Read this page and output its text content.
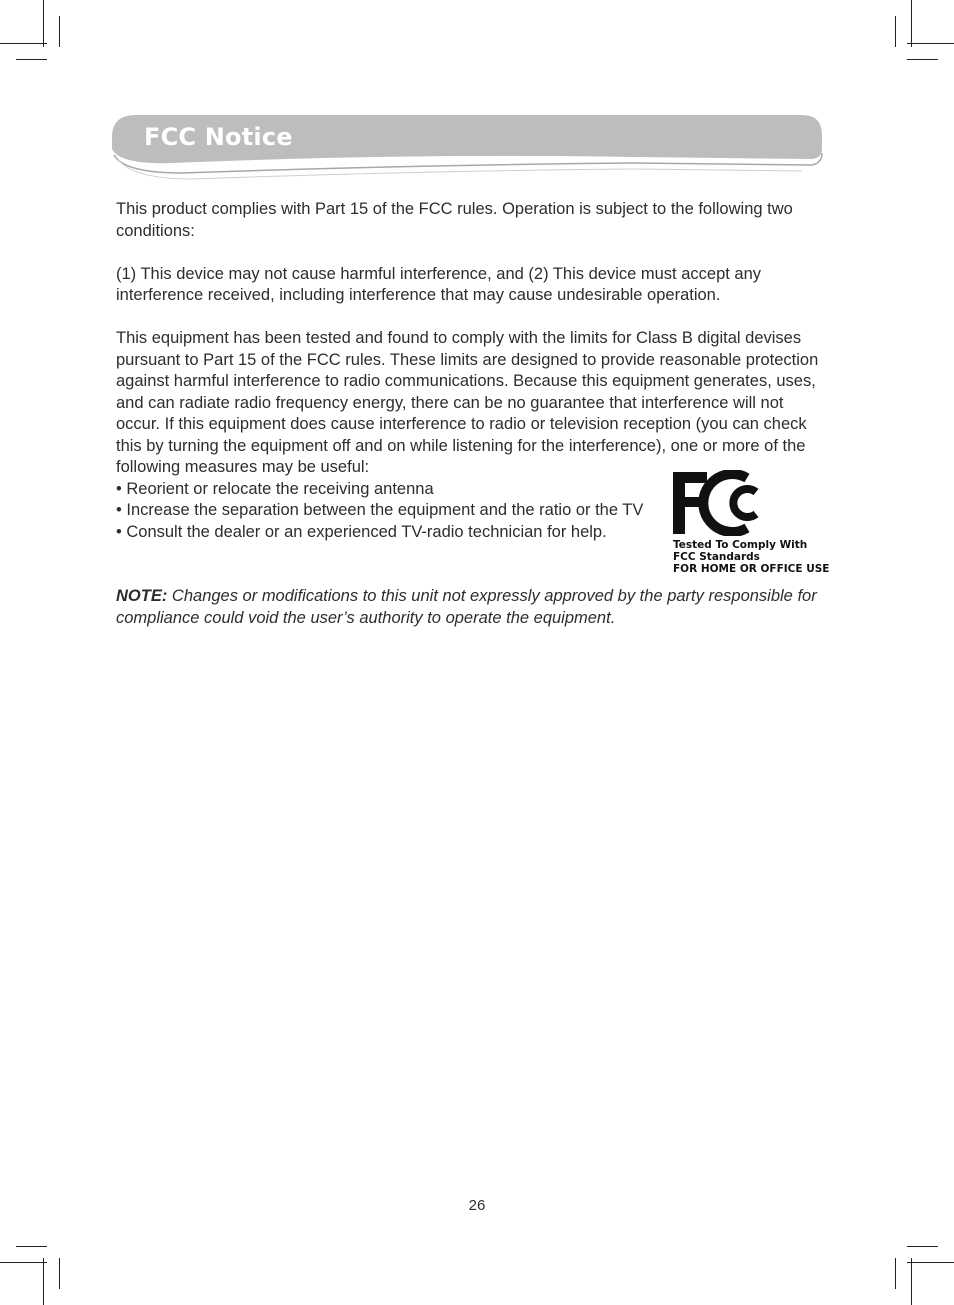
FCC Notice

This product complies with Part 15 of the FCC rules. Operation is subject to the following two conditions:

(1) This device may not cause harmful interference, and (2) This device must accept any interference received, including interference that may cause undesirable operation.

This equipment has been tested and found to comply with the limits for Class B digital devises pursuant to Part 15 of the FCC rules. These limits are designed to provide reasonable protection against harmful interference to radio communications. Because this equipment generates, uses, and can radiate radio frequency energy, there can be no guarantee that interference will not occur. If this equipment does cause interference to radio or television reception (you can check this by turning the equipment off and on while listening for the interference), one or more of the following measures may be useful:

• Reorient or relocate the receiving antenna
• Increase the separation between the equipment and the ratio or the TV
• Consult the dealer or an experienced TV-radio technician for help.

NOTE: Changes or modifications to this unit not expressly approved by the party responsible for compliance could void the user’s authority to operate the equipment.

Tested To Comply With
FCC Standards
FOR HOME OR OFFICE USE
26
